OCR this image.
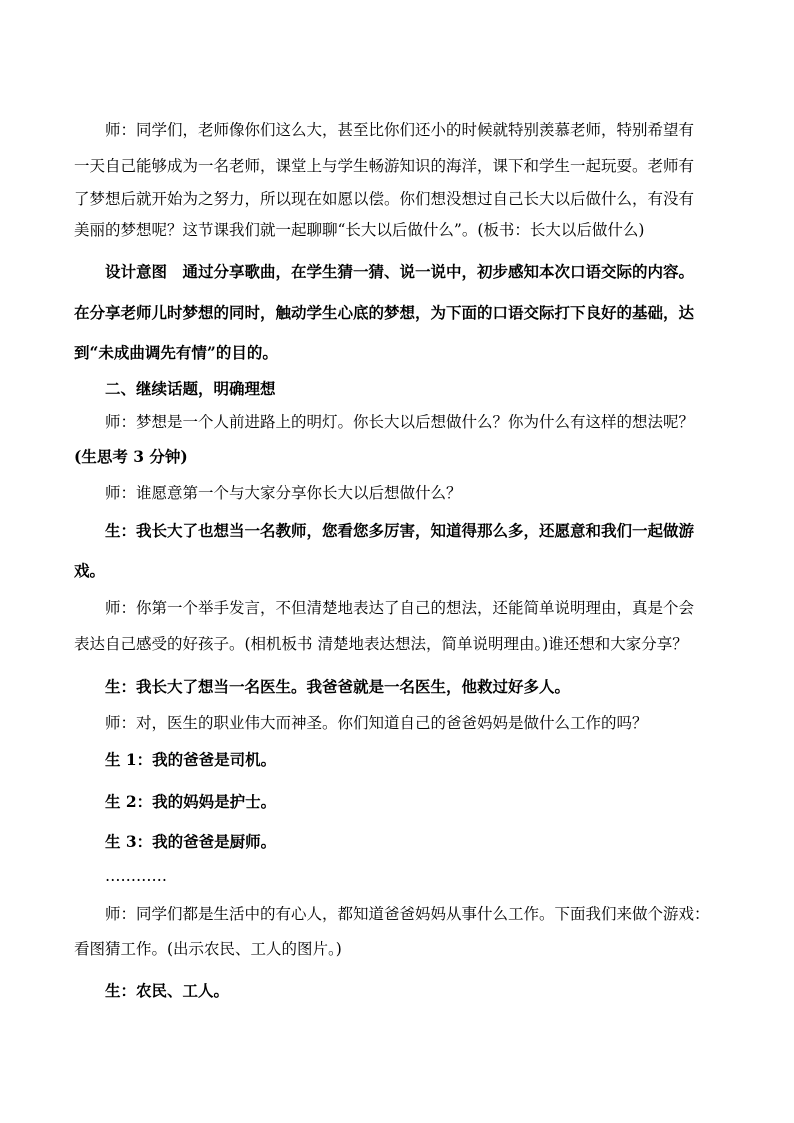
　　师：同学们，老师像你们这么大，甚至比你们还小的时候就特别羡慕老师，特别希望有
一天自己能够成为一名老师，课堂上与学生畅游知识的海洋，课下和学生一起玩耍。老师有
了梦想后就开始为之努力，所以现在如愿以偿。你们想没想过自己长大以后做什么，有没有
美丽的梦想呢？这节课我们就一起聊聊“长大以后做什么”。(板书：长大以后做什么)
　　设计意图　通过分享歌曲，在学生猜一猜、说一说中，初步感知本次口语交际的内容。
在分享老师儿时梦想的同时，触动学生心底的梦想，为下面的口语交际打下良好的基础，达
到“未成曲调先有情”的目的。
　　二、继续话题，明确理想
　　师：梦想是一个人前进路上的明灯。你长大以后想做什么？你为什么有这样的想法呢？
(生思考 3 分钟)
　　师：谁愿意第一个与大家分享你长大以后想做什么？
　　生：我长大了也想当一名教师，您看您多厉害，知道得那么多，还愿意和我们一起做游
戏。
　　师：你第一个举手发言，不但清楚地表达了自己的想法，还能简单说明理由，真是个会
表达自己感受的好孩子。(相机板书 清楚地表达想法，简单说明理由。)谁还想和大家分享？
　　生：我长大了想当一名医生。我爸爸就是一名医生，他救过好多人。
　　师：对，医生的职业伟大而神圣。你们知道自己的爸爸妈妈是做什么工作的吗？
　　生 1：我的爸爸是司机。
　　生 2：我的妈妈是护士。
　　生 3：我的爸爸是厨师。
　　…………
　　师：同学们都是生活中的有心人，都知道爸爸妈妈从事什么工作。下面我们来做个游戏：
看图猜工作。(出示农民、工人的图片。)
　　生：农民、工人。
